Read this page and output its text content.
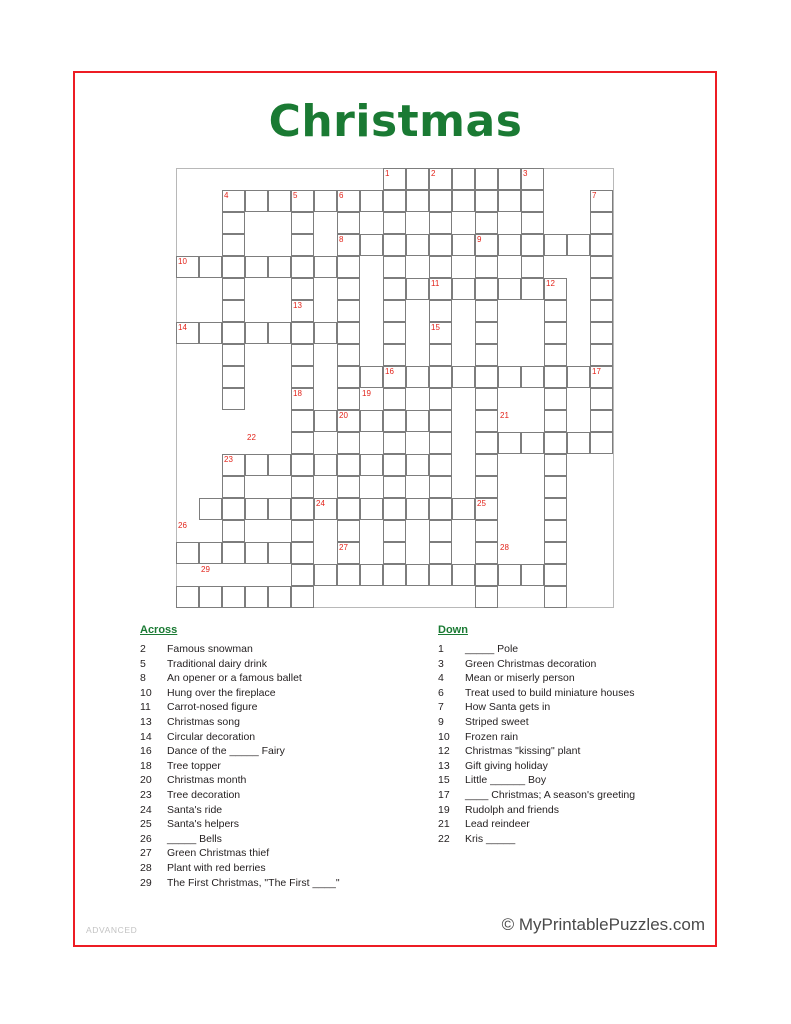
Christmas
1	2	3
4	5	6	7
8	9
10
11	12
13
14	15
16	17
18	19
20	21
22
23
24	25
26
27	28
29
Across
2	Famous snowman
5	Traditional dairy drink
8	An opener or a famous ballet
10	Hung over the fireplace
11	Carrot-nosed figure
13	Christmas song
14	Circular decoration
16	Dance of the _____ Fairy
18	Tree topper
20	Christmas month
23	Tree decoration
24	Santa's ride
25	Santa's helpers
26	_____ Bells
27	Green Christmas thief
28	Plant with red berries
29	The First Christmas, "The First ____"
Down
1	_____ Pole
3	Green Christmas decoration
4	Mean or miserly person
6	Treat used to build miniature houses
7	How Santa gets in
9	Striped sweet
10	Frozen rain
12	Christmas "kissing" plant
13	Gift giving holiday
15	Little ______ Boy
17	____ Christmas; A season's greeting
19	Rudolph and friends
21	Lead reindeer
22	Kris _____
ADVANCED	© MyPrintablePuzzles.com
